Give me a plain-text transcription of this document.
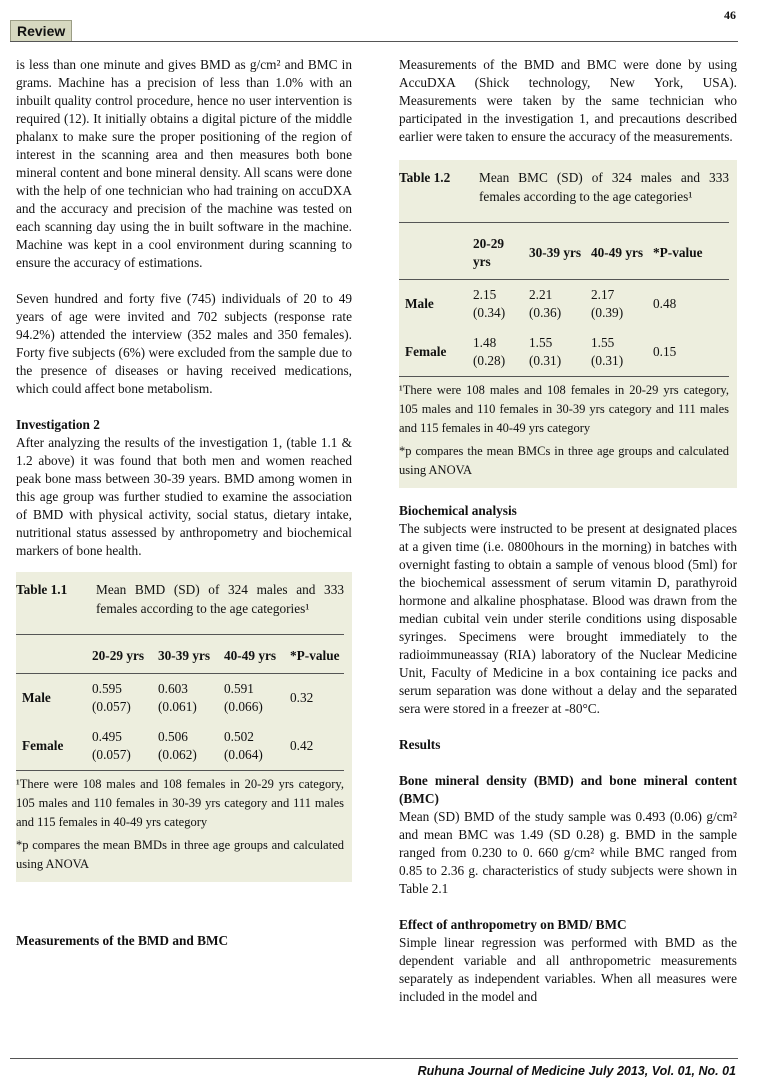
46
Review

is less than one minute and gives BMD as g/cm² and BMC in grams. Machine has a precision of less than 1.0% with an inbuilt quality control procedure, hence no user intervention is required (12). It initially obtains a digital picture of the middle phalanx to make sure the proper positioning of the region of interest in the scanning area and then measures both bone mineral content and bone mineral density. All scans were done with the help of one technician who had training on accuDXA and the accuracy and precision of the machine was tested on each scanning day using the in built software in the machine. Machine was kept in a cool environment during scanning to ensure the accuracy of estimations.

Seven hundred and forty five (745) individuals of 20 to 49 years of age were invited and 702 subjects (response rate 94.2%) attended the interview (352 males and 350 females). Forty five subjects (6%) were excluded from the sample due to the presence of diseases or having received medications, which could affect bone metabolism.

Investigation 2

After analyzing the results of the investigation 1, (table 1.1 & 1.2 above) it was found that both men and women reached peak bone mass between 30-39 years. BMD among women in this age group was further studied to examine the association of BMD with physical activity, social status, dietary intake, nutritional status assessed by anthropometry and biochemical markers of bone health.

Table 1.1	Mean BMD (SD) of 324 males and 333 females according to the age categories¹
	20-29 yrs	30-39 yrs	40-49 yrs	*P-value
Male	0.595 (0.057)	0.603 (0.061)	0.591 (0.066)	0.32
Female	0.495 (0.057)	0.506 (0.062)	0.502 (0.064)	0.42
¹There were 108 males and 108 females in 20-29 yrs category, 105 males and 110 females in 30-39 yrs category and 111 males and 115 females in 40-49 yrs category
*p compares the mean BMDs in three age groups and calculated using ANOVA

Measurements of the BMD and BMC

Measurements of the BMD and BMC were done by using AccuDXA (Shick technology, New York, USA). Measurements were taken by the same technician who participated in the investigation 1, and precautions described earlier were taken to ensure the accuracy of the measurements.

Table 1.2	Mean BMC (SD) of 324 males and 333 females according to the age categories¹
	20-29 yrs	30-39 yrs	40-49 yrs	*P-value
Male	2.15 (0.34)	2.21 (0.36)	2.17 (0.39)	0.48
Female	1.48 (0.28)	1.55 (0.31)	1.55 (0.31)	0.15
¹There were 108 males and 108 females in 20-29 yrs category, 105 males and 110 females in 30-39 yrs category and 111 males and 115 females in 40-49 yrs category
*p compares the mean BMCs in three age groups and calculated using ANOVA

Biochemical analysis

The subjects were instructed to be present at designated places at a given time (i.e. 0800hours in the morning) in batches with overnight fasting to obtain a sample of venous blood (5ml) for the biochemical assessment of serum vitamin D, parathyroid hormone and alkaline phosphatase. Blood was drawn from the median cubital vein under sterile conditions using disposable syringes. Specimens were brought immediately to the radioimmuneassay (RIA) laboratory of the Nuclear Medicine Unit, Faculty of Medicine in a box containing ice packs and serum separation was done without a delay and the separated sera were stored in a freezer at -80°C.

Results

Bone mineral density (BMD) and bone mineral content (BMC)

Mean (SD) BMD of the study sample was 0.493 (0.06) g/cm² and mean BMC was 1.49 (SD 0.28) g. BMD in the sample ranged from 0.230 to 0. 660 g/cm² while BMC ranged from 0.85 to 2.36 g. characteristics of study subjects were shown in Table 2.1

Effect of anthropometry on BMD/ BMC

Simple linear regression was performed with BMD as the dependent variable and all anthropometric measurements separately as independent variables. When all measures were included in the model and

Ruhuna Journal of Medicine July 2013, Vol. 01, No. 01
